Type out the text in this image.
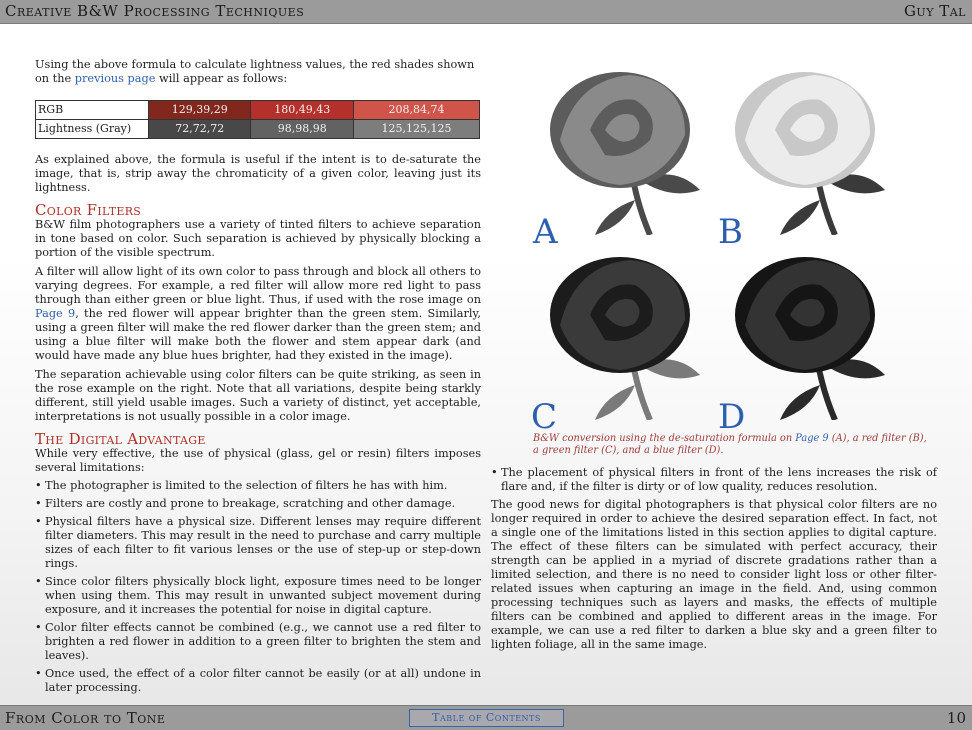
Creative B&W Processing Techniques	Guy Tal

Using the above formula to calculate lightness values, the red shades shown on the previous page will appear as follows:

RGB	129,39,29	180,49,43	208,84,74
Lightness (Gray)	72,72,72	98,98,98	125,125,125

As explained above, the formula is useful if the intent is to de-saturate the image, that is, strip away the chromaticity of a given color, leaving just its lightness.

Color Filters

B&W film photographers use a variety of tinted filters to achieve separation in tone based on color. Such separation is achieved by physically blocking a portion of the visible spectrum.

A filter will allow light of its own color to pass through and block all others to varying degrees. For example, a red filter will allow more red light to pass through than either green or blue light. Thus, if used with the rose image on Page 9, the red flower will appear brighter than the green stem. Similarly, using a green filter will make the red flower darker than the green stem; and using a blue filter will make both the flower and stem appear dark (and would have made any blue hues brighter, had they existed in the image).

The separation achievable using color filters can be quite striking, as seen in the rose example on the right. Note that all variations, despite being starkly different, still yield usable images. Such a variety of distinct, yet acceptable, interpretations is not usually possible in a color image.

The Digital Advantage

While very effective, the use of physical (glass, gel or resin) filters imposes several limitations:

• The photographer is limited to the selection of filters he has with him.
• Filters are costly and prone to breakage, scratching and other damage.
• Physical filters have a physical size. Different lenses may require different filter diameters. This may result in the need to purchase and carry multiple sizes of each filter to fit various lenses or the use of step-up or step-down rings.
• Since color filters physically block light, exposure times need to be longer when using them. This may result in unwanted subject movement during exposure, and it increases the potential for noise in digital capture.
• Color filter effects cannot be combined (e.g., we cannot use a red filter to brighten a red flower in addition to a green filter to brighten the stem and leaves).
• Once used, the effect of a color filter cannot be easily (or at all) undone in later processing.
A	B
C	D
B&W conversion using the de-saturation formula on Page 9 (A), a red filter (B), a green filter (C), and a blue filter (D).
• The placement of physical filters in front of the lens increases the risk of flare and, if the filter is dirty or of low quality, reduces resolution.

The good news for digital photographers is that physical color filters are no longer required in order to achieve the desired separation effect. In fact, not a single one of the limitations listed in this section applies to digital capture. The effect of these filters can be simulated with perfect accuracy, their strength can be applied in a myriad of discrete gradations rather than a limited selection, and there is no need to consider light loss or other filter-related issues when capturing an image in the field. And, using common processing techniques such as layers and masks, the effects of multiple filters can be combined and applied to different areas in the image. For example, we can use a red filter to darken a blue sky and a green filter to lighten foliage, all in the same image.

From Color to Tone	Table of Contents	10
